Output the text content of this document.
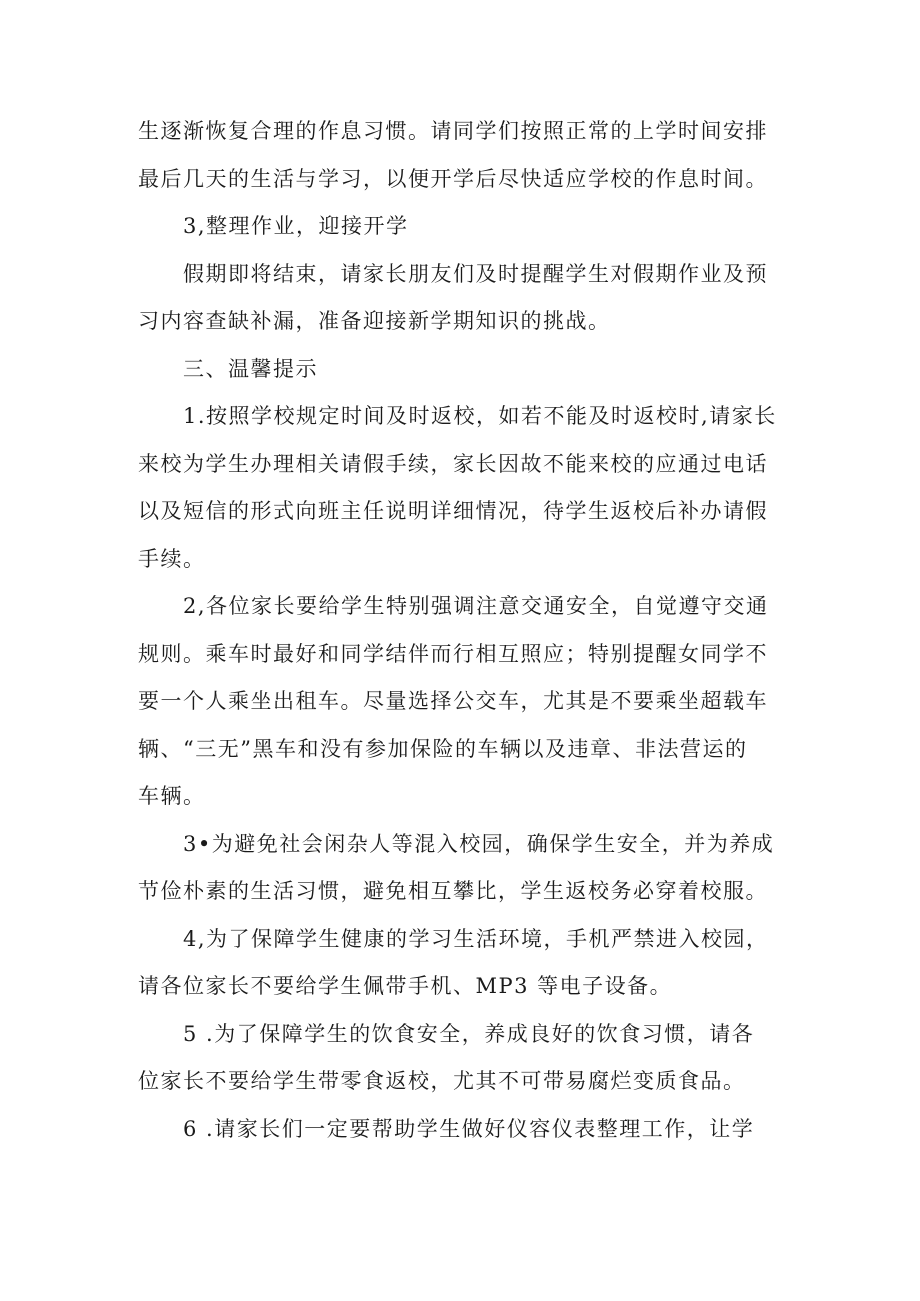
生逐渐恢复合理的作息习惯。请同学们按照正常的上学时间安排
最后几天的生活与学习，以便开学后尽快适应学校的作息时间。
3,整理作业，迎接开学
假期即将结束，请家长朋友们及时提醒学生对假期作业及预
习内容查缺补漏，准备迎接新学期知识的挑战。
三、温馨提示
1.按照学校规定时间及时返校，如若不能及时返校时,请家长
来校为学生办理相关请假手续，家长因故不能来校的应通过电话
以及短信的形式向班主任说明详细情况，待学生返校后补办请假
手续。
2,各位家长要给学生特别强调注意交通安全，自觉遵守交通
规则。乘车时最好和同学结伴而行相互照应；特别提醒女同学不
要一个人乘坐出租车。尽量选择公交车，尤其是不要乘坐超载车
辆、“三无”黑车和没有参加保险的车辆以及违章、非法营运的
车辆。
3•为避免社会闲杂人等混入校园，确保学生安全，并为养成
节俭朴素的生活习惯，避免相互攀比，学生返校务必穿着校服。
4,为了保障学生健康的学习生活环境，手机严禁进入校园，
请各位家长不要给学生佩带手机、MP3 等电子设备。
5 .为了保障学生的饮食安全，养成良好的饮食习惯，请各
位家长不要给学生带零食返校，尤其不可带易腐烂变质食品。
6 .请家长们一定要帮助学生做好仪容仪表整理工作，让学
